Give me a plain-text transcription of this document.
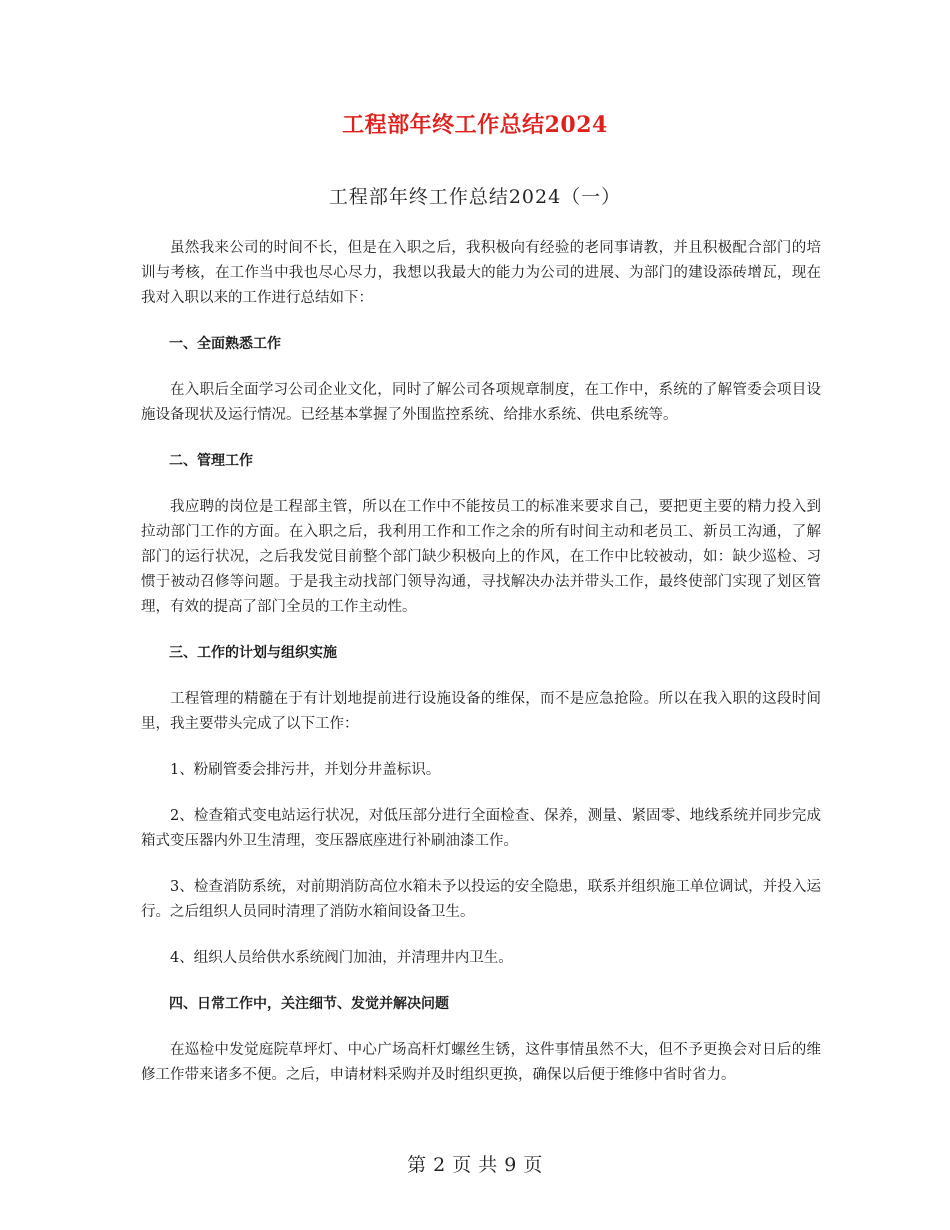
工程部年终工作总结2024
工程部年终工作总结2024（一）

虽然我来公司的时间不长，但是在入职之后，我积极向有经验的老同事请教，并且积极配合部门的培训与考核，在工作当中我也尽心尽力，我想以我最大的能力为公司的进展、为部门的建设添砖增瓦，现在我对入职以来的工作进行总结如下：

一、全面熟悉工作

在入职后全面学习公司企业文化，同时了解公司各项规章制度，在工作中，系统的了解管委会项目设施设备现状及运行情况。已经基本掌握了外围监控系统、给排水系统、供电系统等。

二、管理工作

我应聘的岗位是工程部主管，所以在工作中不能按员工的标准来要求自己，要把更主要的精力投入到拉动部门工作的方面。在入职之后，我利用工作和工作之余的所有时间主动和老员工、新员工沟通，了解部门的运行状况，之后我发觉目前整个部门缺少积极向上的作风，在工作中比较被动，如：缺少巡检、习惯于被动召修等问题。于是我主动找部门领导沟通，寻找解决办法并带头工作，最终使部门实现了划区管理，有效的提高了部门全员的工作主动性。

三、工作的计划与组织实施

工程管理的精髓在于有计划地提前进行设施设备的维保，而不是应急抢险。所以在我入职的这段时间里，我主要带头完成了以下工作：

1、粉刷管委会排污井，并划分井盖标识。

2、检查箱式变电站运行状况，对低压部分进行全面检查、保养，测量、紧固零、地线系统并同步完成箱式变压器内外卫生清理，变压器底座进行补刷油漆工作。

3、检查消防系统，对前期消防高位水箱未予以投运的安全隐患，联系并组织施工单位调试，并投入运行。之后组织人员同时清理了消防水箱间设备卫生。

4、组织人员给供水系统阀门加油，并清理井内卫生。

四、日常工作中，关注细节、发觉并解决问题

在巡检中发觉庭院草坪灯、中心广场高杆灯螺丝生锈，这件事情虽然不大，但不予更换会对日后的维修工作带来诸多不便。之后，申请材料采购并及时组织更换，确保以后便于维修中省时省力。

第 2 页 共 9 页
